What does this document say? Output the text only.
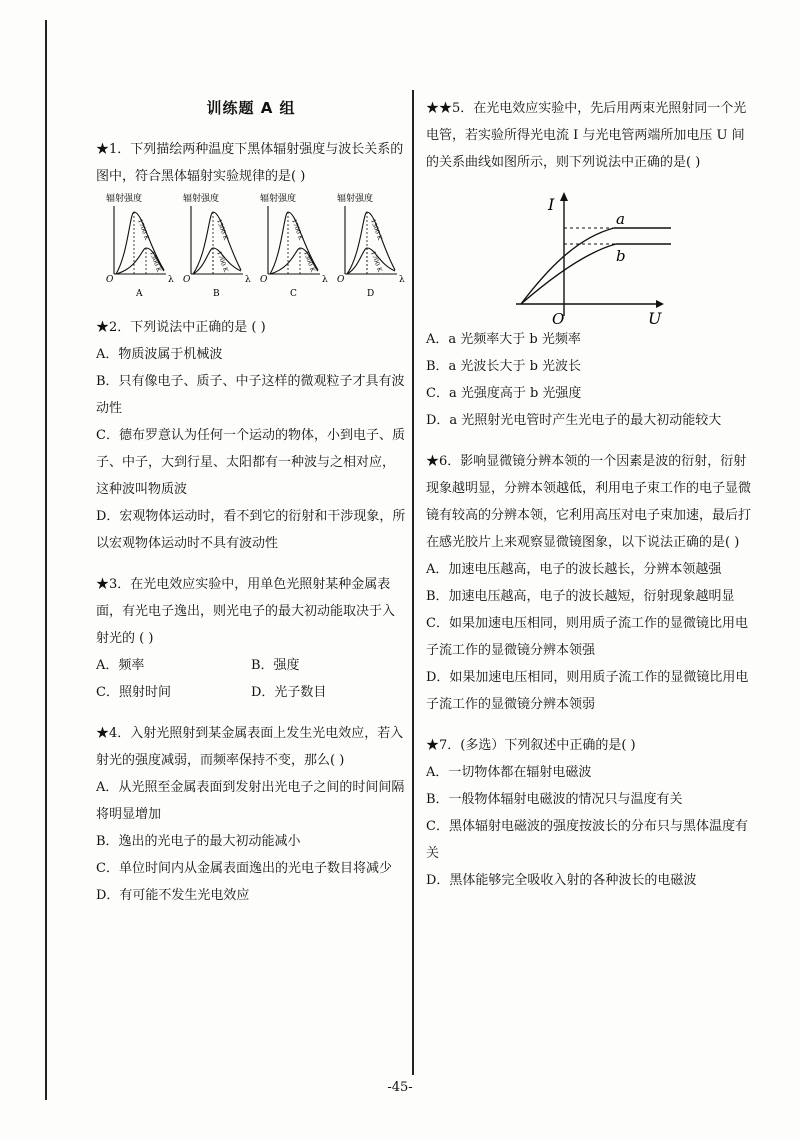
训练题 A 组

★1．下列描绘两种温度下黑体辐射强度与波长关系的图中，符合黑体辐射实验规律的是( )

辐射强度
1700 K
1300 K
O	λ
A
辐射强度
1300 K
1700 K
O	λ
B
辐射强度
1700 K
1300 K
O	λ
C
辐射强度
1300 K
1700 K
O	λ
D

★2．下列说法中正确的是 ( )

A．物质波属于机械波

B．只有像电子、质子、中子这样的微观粒子才具有波动性

C．德布罗意认为任何一个运动的物体，小到电子、质子、中子，大到行星、太阳都有一种波与之相对应，这种波叫物质波

D．宏观物体运动时，看不到它的衍射和干涉现象，所以宏观物体运动时不具有波动性

★3．在光电效应实验中，用单色光照射某种金属表面，有光电子逸出，则光电子的最大初动能取决于入射光的 ( )

A．频率	B．强度
C．照射时间	D．光子数目

★4．入射光照射到某金属表面上发生光电效应，若入射光的强度减弱，而频率保持不变，那么( )

A．从光照至金属表面到发射出光电子之间的时间间隔将明显增加

B．逸出的光电子的最大初动能减小

C．单位时间内从金属表面逸出的光电子数目将减少

D．有可能不发生光电效应

★★5．在光电效应实验中，先后用两束光照射同一个光电管，若实验所得光电流 I 与光电管两端所加电压 U 间的关系曲线如图所示，则下列说法中正确的是( )

I
U
O
a
b

A．a 光频率大于 b 光频率

B．a 光波长大于 b 光波长

C．a 光强度高于 b 光强度

D．a 光照射光电管时产生光电子的最大初动能较大

★6．影响显微镜分辨本领的一个因素是波的衍射，衍射现象越明显，分辨本领越低，利用电子束工作的电子显微镜有较高的分辨本领，它利用高压对电子束加速，最后打在感光胶片上来观察显微镜图象，以下说法正确的是( )

A．加速电压越高，电子的波长越长，分辨本领越强

B．加速电压越高，电子的波长越短，衍射现象越明显

C．如果加速电压相同，则用质子流工作的显微镜比用电子流工作的显微镜分辨本领强

D．如果加速电压相同，则用质子流工作的显微镜比用电子流工作的显微镜分辨本领弱

★7．(多选）下列叙述中正确的是( )

A．一切物体都在辐射电磁波

B．一般物体辐射电磁波的情况只与温度有关

C．黑体辐射电磁波的强度按波长的分布只与黑体温度有关

D．黑体能够完全吸收入射的各种波长的电磁波

-45-
